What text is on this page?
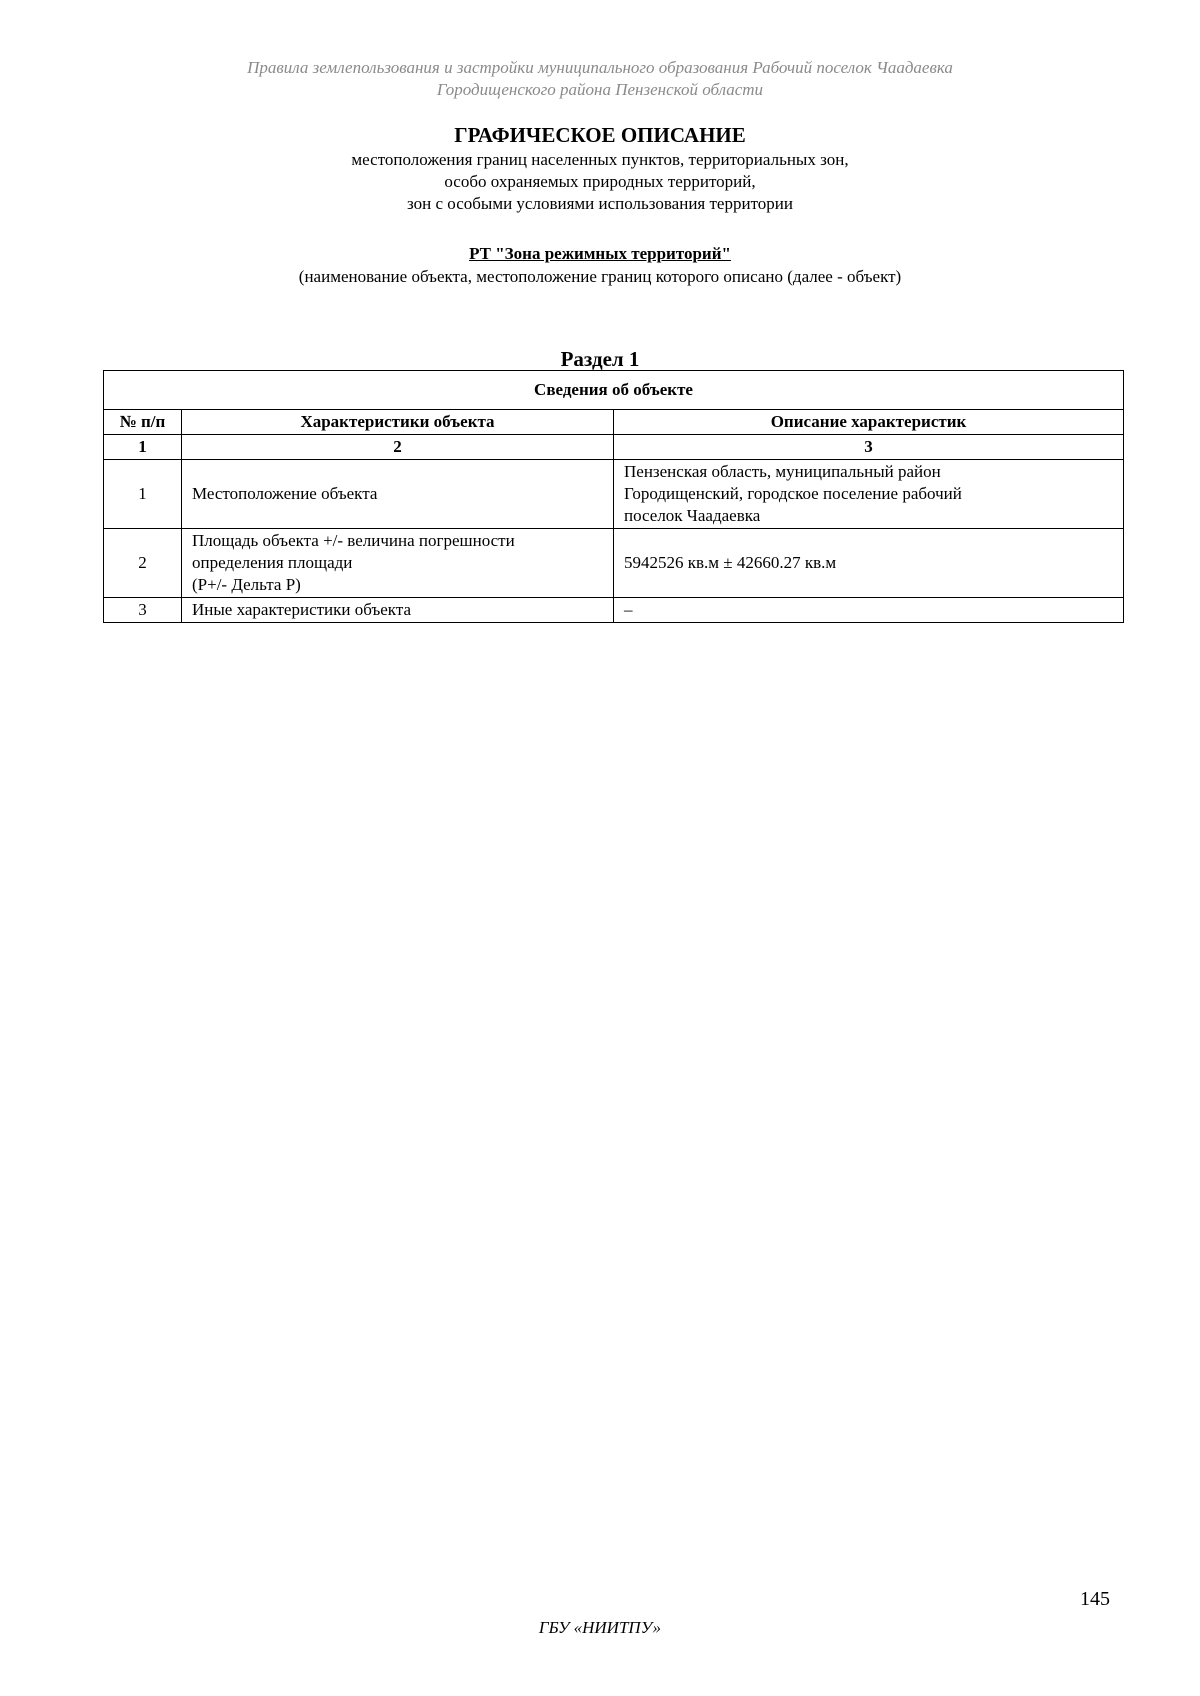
Правила землепользования и застройки муниципального образования Рабочий поселок Чаадаевка
Городищенского района Пензенской области
ГРАФИЧЕСКОЕ ОПИСАНИЕ
местоположения границ населенных пунктов, территориальных зон,
особо охраняемых природных территорий,
зон с особыми условиями использования территории
РТ "Зона режимных территорий"
(наименование объекта, местоположение границ которого описано (далее - объект)
Раздел 1
Сведения об объекте		
№ п/п	Характеристики объекта	Описание характеристик
1	2	3
1	Местоположение объекта	Пензенская область, муниципальный район
Городищенский, городское поселение рабочий
поселок Чаадаевка

2	Площадь объекта +/- величина погрешности
определения площади
(Р+/- Дельта Р)	5942526 кв.м ± 42660.27 кв.м

3	Иные характеристики объекта	–
145
ГБУ «НИИТПУ»
